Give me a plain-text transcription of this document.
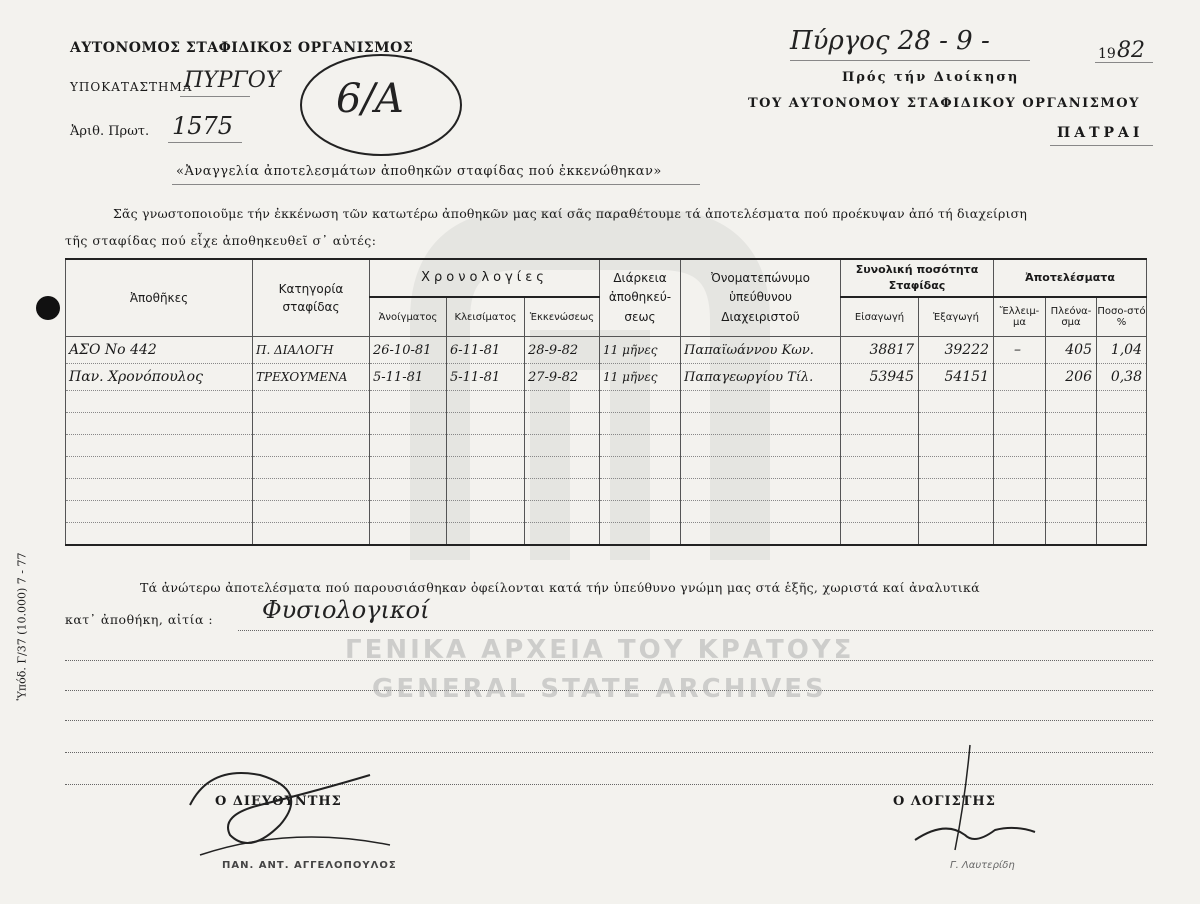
ΑΥΤΟΝΟΜΟΣ ΣΤΑΦΙΔΙΚΟΣ ΟΡΓΑΝΙΣΜΟΣ
ΥΠΟΚΑΤΑΣΤΗΜΑ
ΠΥΡΓΟΥ
Ἀριθ. Πρωτ. 1575
6/Α
Πύργος 28 - 9 -	19 82
Πρός τήν Διοίκηση
ΤΟΥ ΑΥΤΟΝΟΜΟΥ ΣΤΑΦΙΔΙΚΟΥ ΟΡΓΑΝΙΣΜΟΥ
ΠΑΤΡΑΙ
«Ἀναγγελία ἀποτελεσμάτων ἀποθηκῶν σταφίδας πού ἐκκενώθηκαν»
Σᾶς γνωστοποιοῦμε τήν ἐκκένωση τῶν κατωτέρω ἀποθηκῶν μας καί σᾶς παραθέτουμε τά ἀποτελέσματα πού προέκυψαν ἀπό τή διαχείριση
τῆς σταφίδας πού εἶχε ἀποθηκευθεῖ σ᾽ αὐτές:
Ἀποθῆκες	Κατηγορία σταφίδας	Χρονολογίες			Διάρκεια ἀποθηκεύ-σεως	Ὀνοματεπώνυμο ὑπεύθυνου Διαχειριστοῦ	Συνολική ποσότητα Σταφίδας		Ἀποτελέσματα		
		Ἀνοίγματος	Κλεισίματος	Ἐκκενώσεως			Εἰσαγωγή	Ἐξαγωγή	Ἔλλειμ-μα	Πλεόνα-σμα	Ποσο-στό %
ΑΣΟ Νο 442	Π. ΔΙΑΛΟΓΗ	26-10-81	6-11-81	28-9-82	11 μῆνες	Παπαϊωάννου Κων.	38817	39222	–	405	1,04
Παν. Χρονόπουλος	ΤΡΕΧΟΥΜΕΝΑ	5-11-81	5-11-81	27-9-82	11 μῆνες	Παπαγεωργίου Τίλ.	53945	54151		206	0,38

Τά ἀνώτερω ἀποτελέσματα πού παρουσιάσθηκαν ὀφείλονται κατά τήν ὑπεύθυνο γνώμη μας στά ἑξῆς, χωριστά καί ἀναλυτικά
κατ᾽ ἀποθήκη, αἰτία : Φυσιολογικοί
ΓΕΝΙΚΑ ΑΡΧΕΙΑ ΤΟΥ ΚΡΑΤΟΥΣ
GENERAL STATE ARCHIVES
Ὑπόδ. Γ/37 (10.000) 7 - 77
Ο ΔΙΕΥΘΥΝΤΗΣ
ΠΑΝ. ΑΝΤ. ΑΓΓΕΛΟΠΟΥΛΟΣ
Ο ΛΟΓΙΣΤΗΣ
Γ. Λαυτερίδη
